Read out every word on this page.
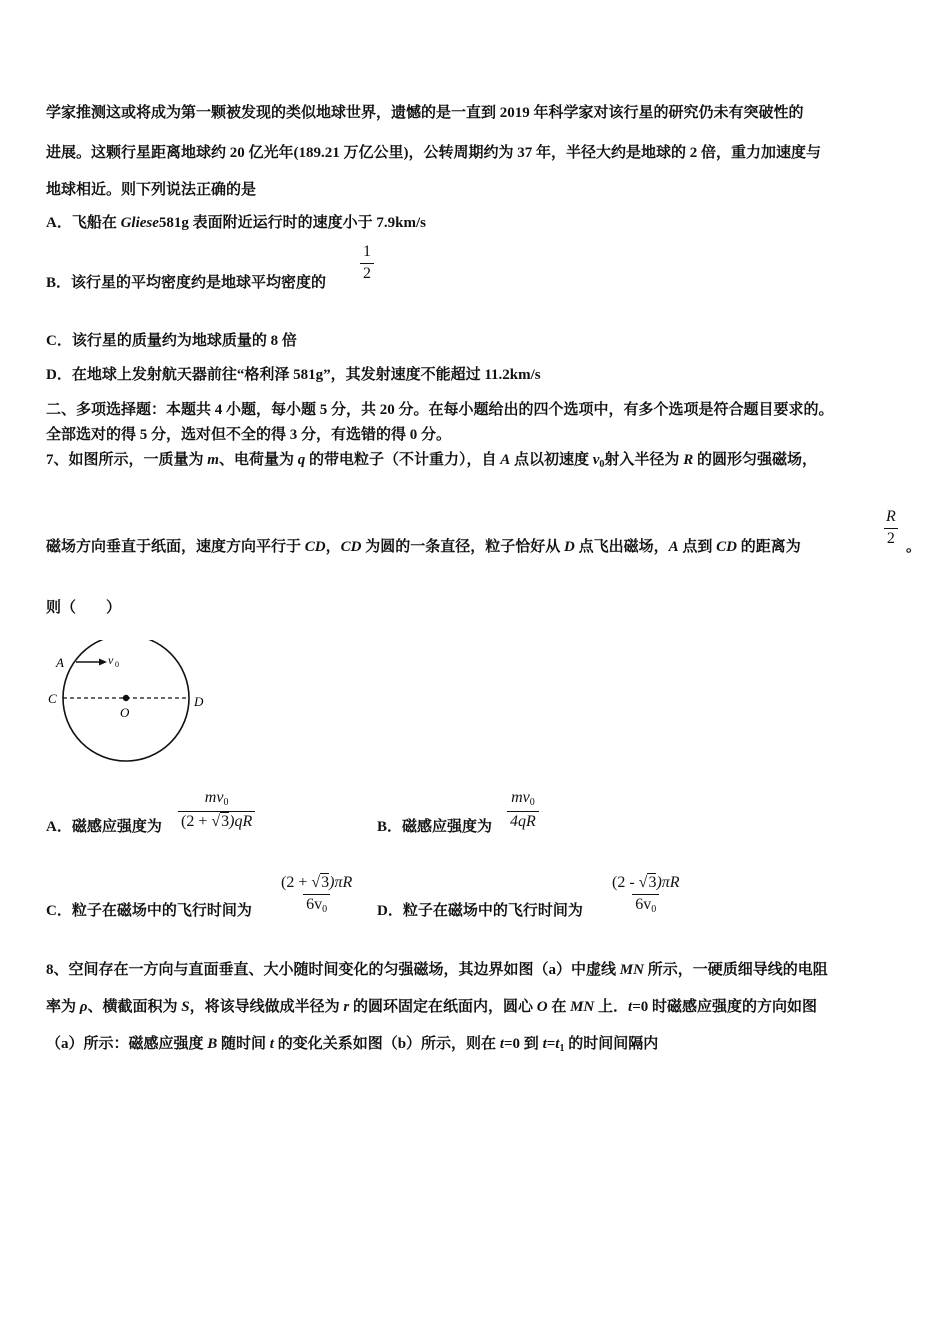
学家推测这或将成为第一颗被发现的类似地球世界，遗憾的是一直到 2019 年科学家对该行星的研究仍未有突破性的
进展。这颗行星距离地球约 20 亿光年(189.21 万亿公里)，公转周期约为 37 年，半径大约是地球的 2 倍，重力加速度与
地球相近。则下列说法正确的是
A．飞船在 Gliese581g 表面附近运行时的速度小于 7.9km/s
B．该行星的平均密度约是地球平均密度的
$\frac{1}{2}$
C．该行星的质量约为地球质量的 8 倍
D．在地球上发射航天器前往“格利泽 581g”，其发射速度不能超过 11.2km/s
二、多项选择题：本题共 4 小题，每小题 5 分，共 20 分。在每小题给出的四个选项中，有多个选项是符合题目要求的。
全部选对的得 5 分，选对但不全的得 3 分，有选错的得 0 分。
7、如图所示，一质量为 m、电荷量为 q 的带电粒子（不计重力），自 A 点以初速度 $v_0$射入半径为 R 的圆形匀强磁场，
磁场方向垂直于纸面，速度方向平行于 CD，CD 为圆的一条直径，粒子恰好从 D 点飞出磁场，A 点到 CD 的距离为	$\frac{R}{2}$ 。
则（　　）
A	v 0
C	D
O
A．磁感应强度为 $\frac{mv_0}{(2 + √3)qR}$	B．磁感应强度为 $\frac{mv_0}{4qR}$
C．粒子在磁场中的飞行时间为 $\frac{(2 + √3)\pi R}{6v_0}$ D．粒子在磁场中的飞行时间为 $\frac{(2 - √3)\pi R}{6v_0}$
8、空间存在一方向与直面垂直、大小随时间变化的匀强磁场，其边界如图（a）中虚线 MN 所示，一硬质细导线的电阻
率为 ρ、横截面积为 S，将该导线做成半径为 r 的圆环固定在纸面内，圆心 O 在 MN 上．t=0 时磁感应强度的方向如图
（a）所示：磁感应强度 B 随时间 t 的变化关系如图（b）所示，则在 t=0 到 $t=t_1$ 的时间间隔内
